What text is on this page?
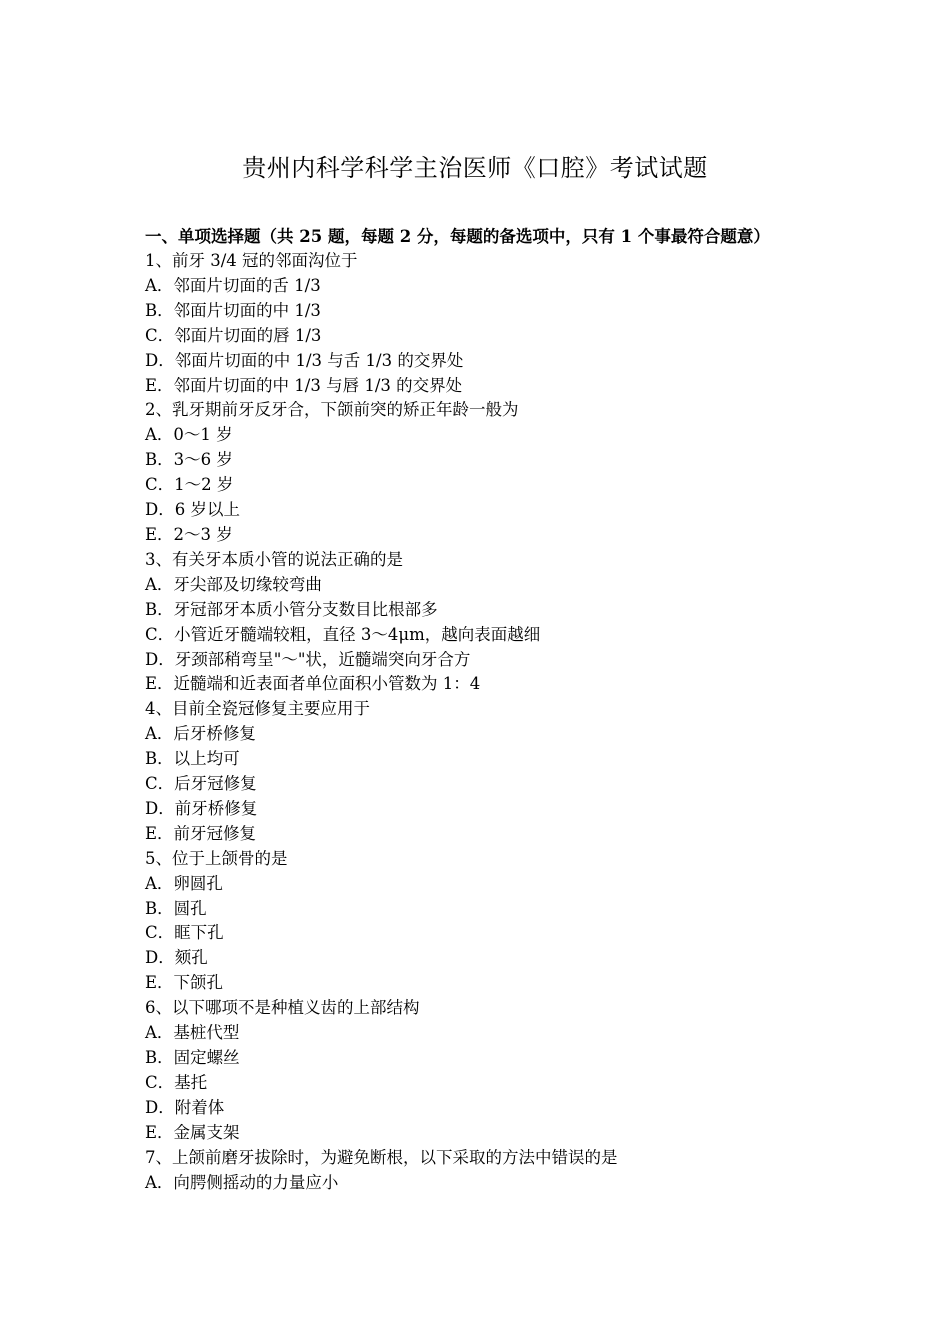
贵州内科学科学主治医师《口腔》考试试题
一、单项选择题（共 25 题，每题 2 分，每题的备选项中，只有 1 个事最符合题意）
1、前牙 3/4 冠的邻面沟位于
A．邻面片切面的舌 1/3
B．邻面片切面的中 1/3
C．邻面片切面的唇 1/3
D．邻面片切面的中 1/3 与舌 1/3 的交界处
E．邻面片切面的中 1/3 与唇 1/3 的交界处
2、乳牙期前牙反牙合，下颌前突的矫正年龄一般为
A．0～1 岁
B．3～6 岁
C．1～2 岁
D．6 岁以上
E．2～3 岁
3、有关牙本质小管的说法正确的是
A．牙尖部及切缘较弯曲
B．牙冠部牙本质小管分支数目比根部多
C．小管近牙髓端较粗，直径 3～4μm，越向表面越细
D．牙颈部稍弯呈"～"状，近髓端突向牙合方
E．近髓端和近表面者单位面积小管数为 1：4
4、目前全瓷冠修复主要应用于
A．后牙桥修复
B．以上均可
C．后牙冠修复
D．前牙桥修复
E．前牙冠修复
5、位于上颌骨的是
A．卵圆孔
B．圆孔
C．眶下孔
D．颏孔
E．下颌孔
6、以下哪项不是种植义齿的上部结构
A．基桩代型
B．固定螺丝
C．基托
D．附着体
E．金属支架
7、上颌前磨牙拔除时，为避免断根，以下采取的方法中错误的是
A．向腭侧摇动的力量应小
